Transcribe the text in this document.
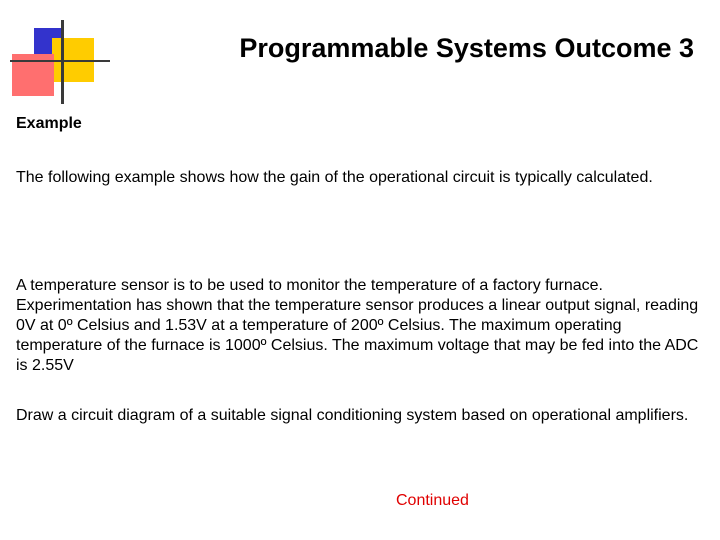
Programmable Systems Outcome 3

Example

The following example shows how the gain of the operational circuit is typically calculated.

A temperature sensor is to be used to monitor the temperature of a factory furnace. Experimentation has shown that the temperature sensor produces a linear output signal, reading 0V at 0º Celsius and 1.53V at a temperature of 200º Celsius. The maximum operating temperature of the furnace is 1000º Celsius. The maximum voltage that may be fed into the ADC is 2.55V

Draw a circuit diagram of a suitable signal conditioning system based on operational amplifiers.

Continued
